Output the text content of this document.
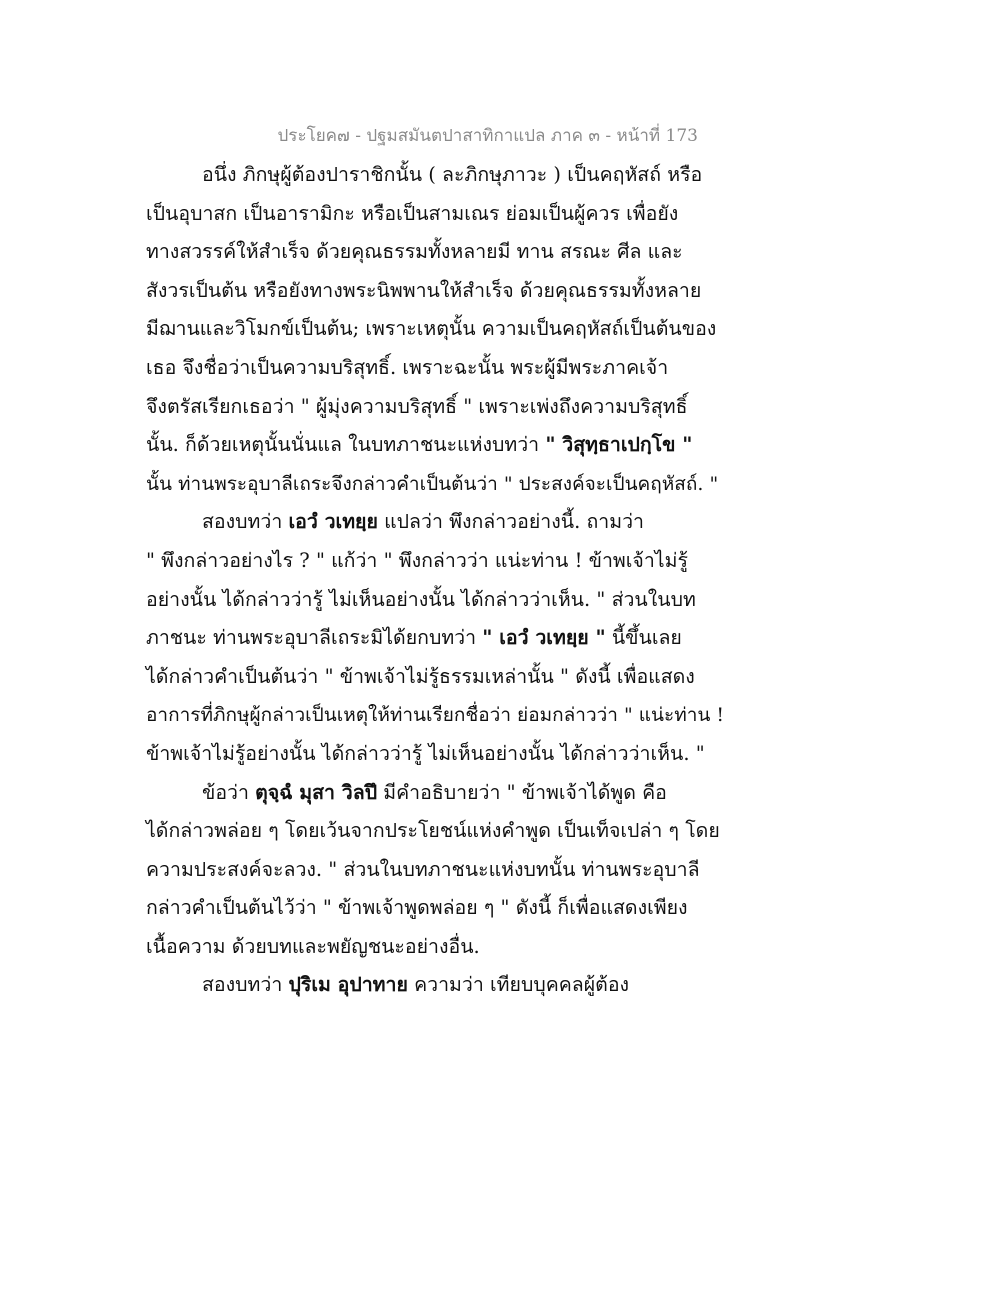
ประโยค๗ - ปฐมสมันตปาสาทิกาแปล ภาค ๓ - หน้าที่ 173
อนึ่ง ภิกษุผู้ต้องปาราชิกนั้น ( ละภิกษุภาวะ ) เป็นคฤหัสถ์ หรือ
เป็นอุบาสก เป็นอารามิกะ หรือเป็นสามเณร ย่อมเป็นผู้ควร เพื่อยัง
ทางสวรรค์ให้สำเร็จ ด้วยคุณธรรมทั้งหลายมี ทาน สรณะ ศีล และ
สังวรเป็นต้น หรือยังทางพระนิพพานให้สำเร็จ ด้วยคุณธรรมทั้งหลาย
มีฌานและวิโมกข์เป็นต้น; เพราะเหตุนั้น ความเป็นคฤหัสถ์เป็นต้นของ
เธอ จึงชื่อว่าเป็นความบริสุทธิ์. เพราะฉะนั้น พระผู้มีพระภาคเจ้า
จึงตรัสเรียกเธอว่า " ผู้มุ่งความบริสุทธิ์ " เพราะเพ่งถึงความบริสุทธิ์
นั้น. ก็ด้วยเหตุนั้นนั่นแล ในบทภาชนะแห่งบทว่า " วิสุทฺธาเปกฺโข "
นั้น ท่านพระอุบาลีเถระจึงกล่าวคำเป็นต้นว่า " ประสงค์จะเป็นคฤหัสถ์. "
สองบทว่า เอวํ วเทยฺย แปลว่า พึงกล่าวอย่างนี้. ถามว่า
" พึงกล่าวอย่างไร ? " แก้ว่า " พึงกล่าวว่า แน่ะท่าน ! ข้าพเจ้าไม่รู้
อย่างนั้น ได้กล่าวว่ารู้ ไม่เห็นอย่างนั้น ได้กล่าวว่าเห็น. " ส่วนในบท
ภาชนะ ท่านพระอุบาลีเถระมิได้ยกบทว่า " เอวํ วเทยฺย " นี้ขึ้นเลย
ได้กล่าวคำเป็นต้นว่า " ข้าพเจ้าไม่รู้ธรรมเหล่านั้น " ดังนี้ เพื่อแสดง
อาการที่ภิกษุผู้กล่าวเป็นเหตุให้ท่านเรียกชื่อว่า ย่อมกล่าวว่า " แน่ะท่าน !
ข้าพเจ้าไม่รู้อย่างนั้น ได้กล่าวว่ารู้ ไม่เห็นอย่างนั้น ได้กล่าวว่าเห็น. "
ข้อว่า ตุจฺฉํ มุสา วิลปึ มีคำอธิบายว่า " ข้าพเจ้าได้พูด คือ
ได้กล่าวพล่อย ๆ โดยเว้นจากประโยชน์แห่งคำพูด เป็นเท็จเปล่า ๆ โดย
ความประสงค์จะลวง. " ส่วนในบทภาชนะแห่งบทนั้น ท่านพระอุบาลี
กล่าวคำเป็นต้นไว้ว่า " ข้าพเจ้าพูดพล่อย ๆ " ดังนี้ ก็เพื่อแสดงเพียง
เนื้อความ ด้วยบทและพยัญชนะอย่างอื่น.
สองบทว่า ปุริเม อุปาทาย ความว่า เทียบบุคคลผู้ต้อง
